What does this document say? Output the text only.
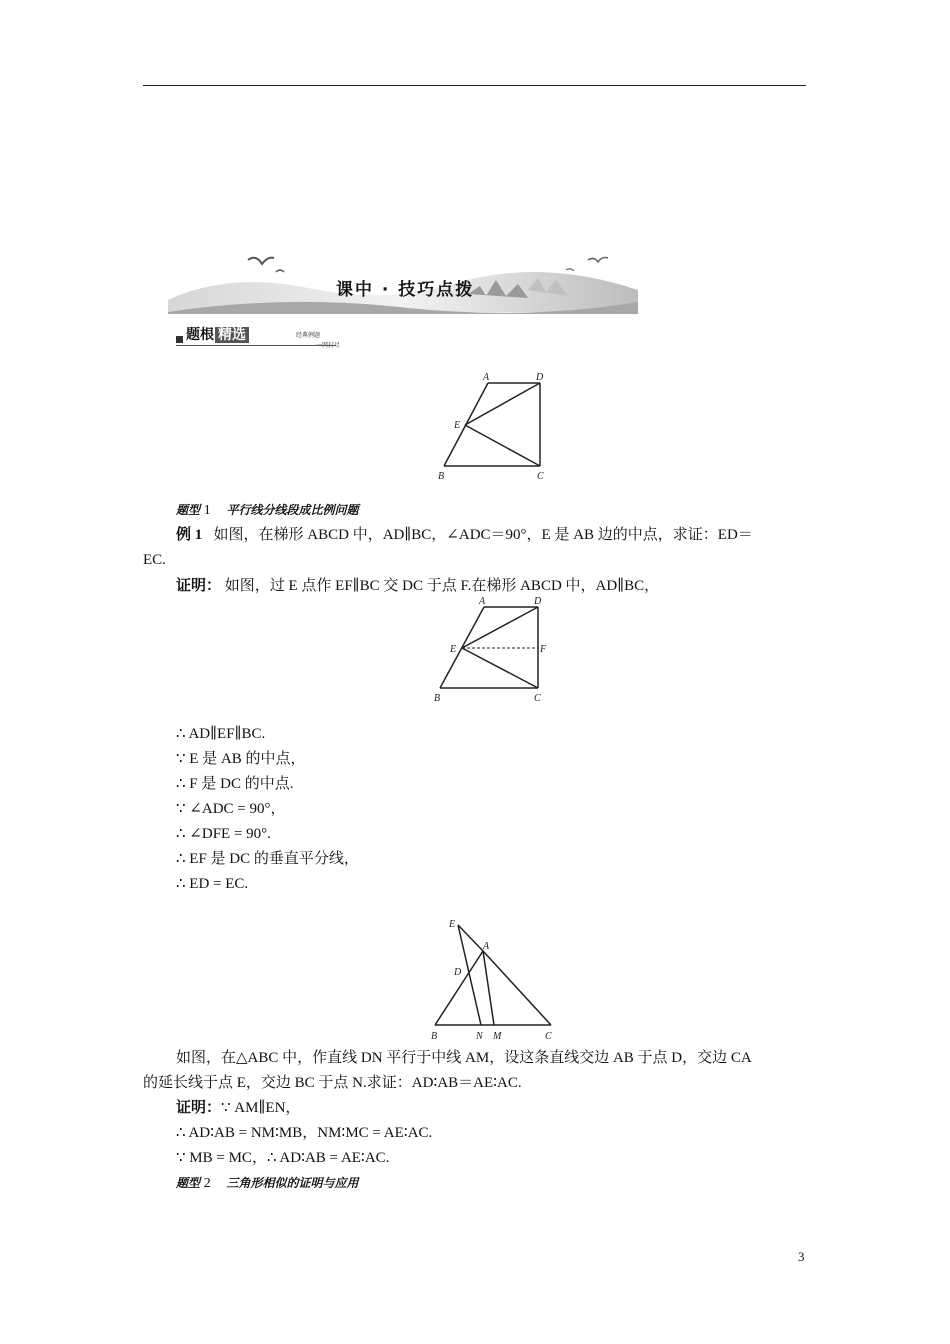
课中 · 技巧点拨
题根 精选	经典例题
一网打尽
A	D
E
B	C
题型 1 平行线分线段成比例问题
例 1 如图，在梯形 ABCD 中，AD∥BC，∠ADC＝90°，E 是 AB 边的中点，求证：ED＝
EC.
证明： 如图，过 E 点作 EF∥BC 交 DC 于点 F.在梯形 ABCD 中，AD∥BC，
A	D
E	F
B	C
∴ AD∥EF∥BC.
∵ E 是 AB 的中点，
∴ F 是 DC 的中点.
∵ ∠ADC = 90°，
∴ ∠DFE = 90°.
∴ EF 是 DC 的垂直平分线，
∴ ED = EC.
E
A
D
B	N M	C
如图，在△ABC 中，作直线 DN 平行于中线 AM，设这条直线交边 AB 于点 D，交边 CA
的延长线于点 E，交边 BC 于点 N.求证：AD∶AB＝AE∶AC.
证明：∵ AM∥EN，
∴ AD∶AB = NM∶MB，NM∶MC = AE∶AC.
∵ MB = MC，∴ AD∶AB = AE∶AC.
题型 2 三角形相似的证明与应用
3
